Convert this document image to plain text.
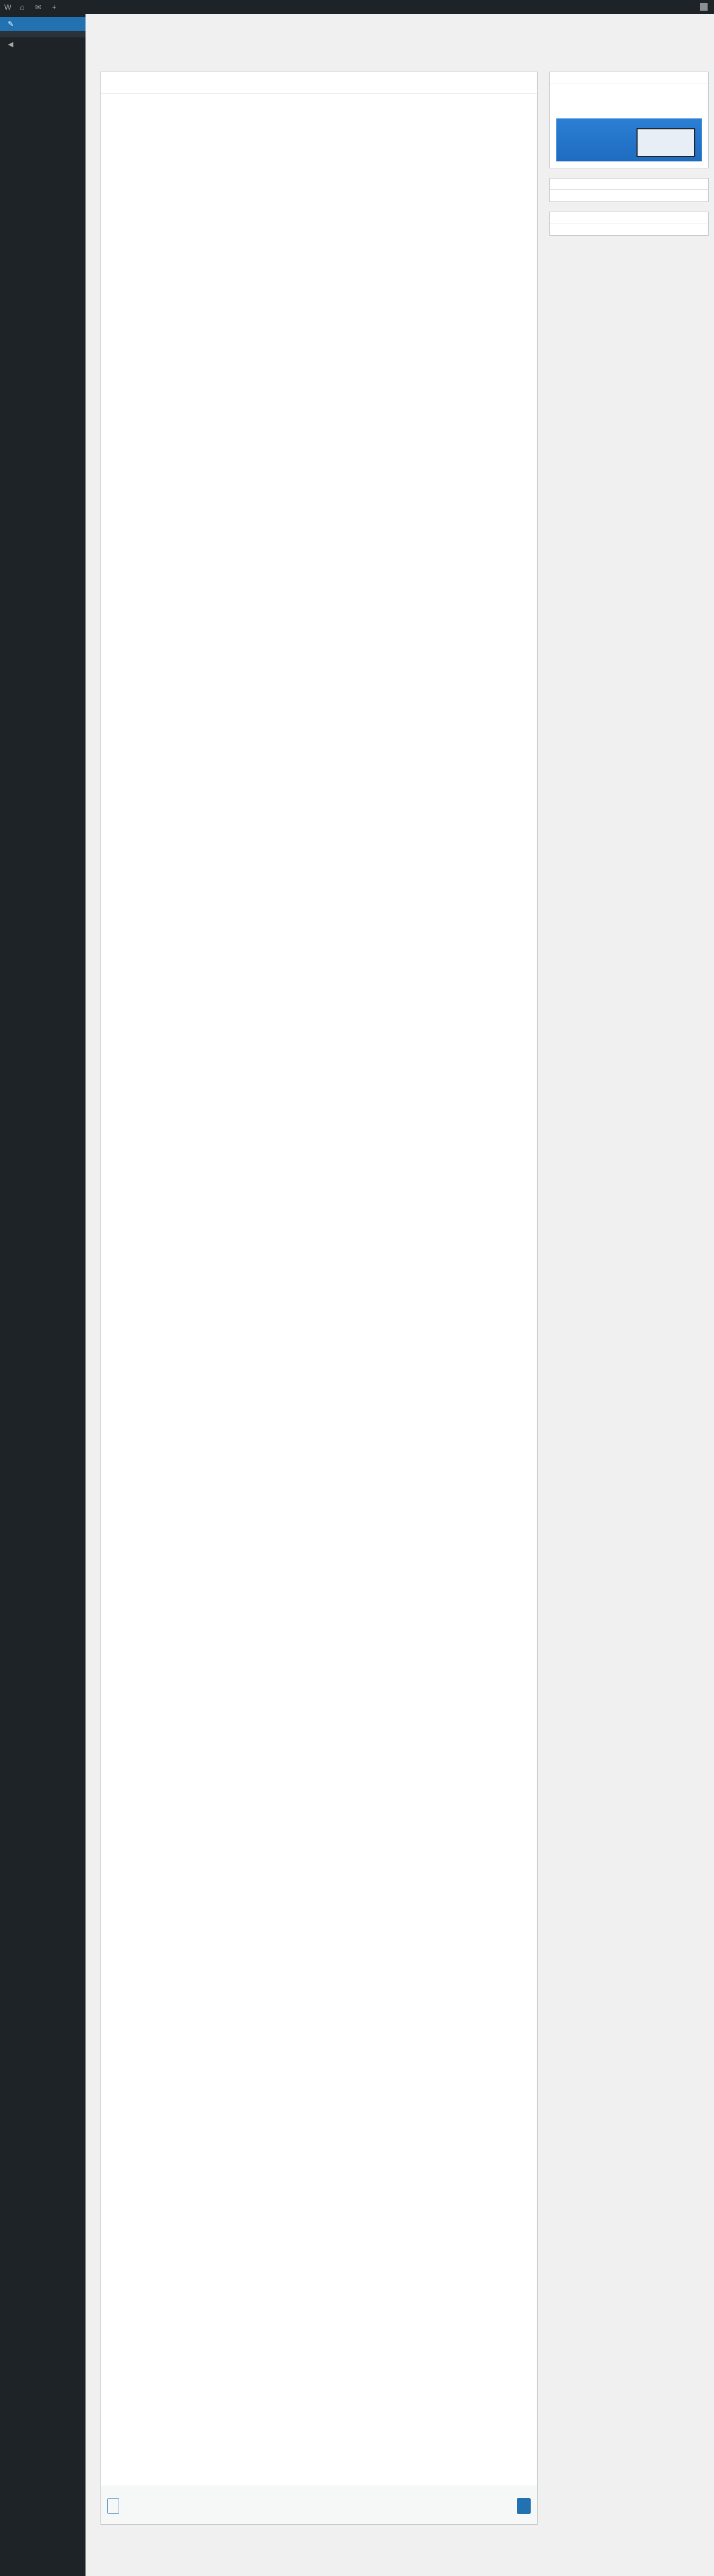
W ⌂ ✉ +
✎
◀
